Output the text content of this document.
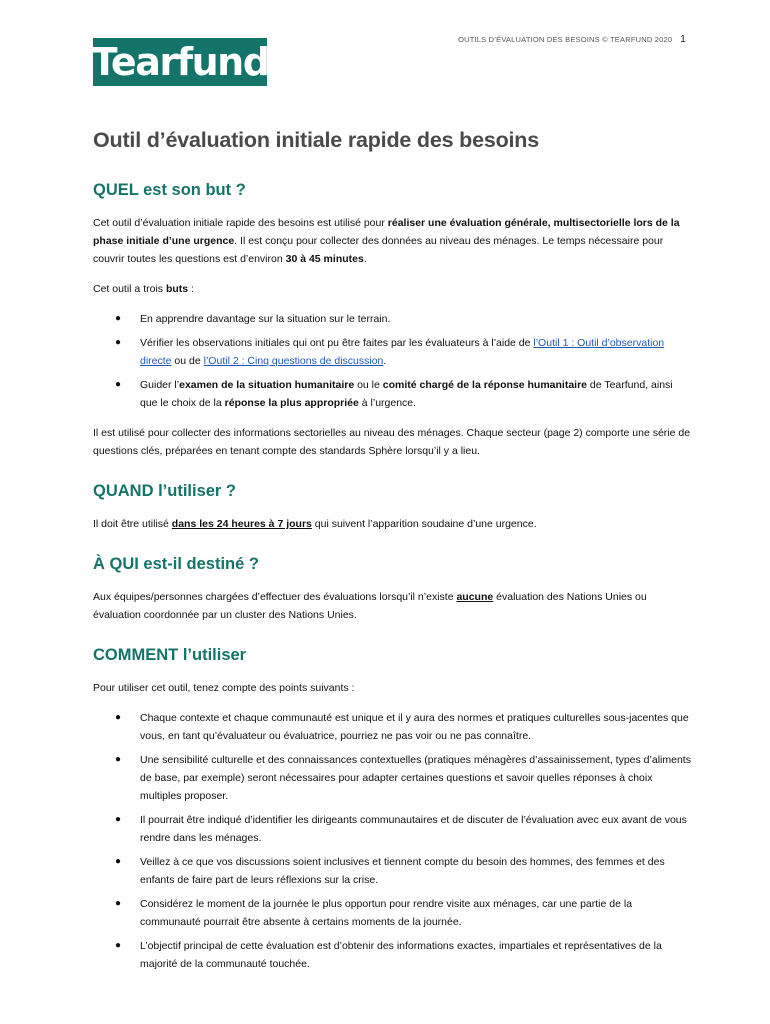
Tearfund
OUTILS D’ÉVALUATION DES BESOINS © TEARFUND 2020 1
Outil d’évaluation initiale rapide des besoins
QUEL est son but ?

Cet outil d’évaluation initiale rapide des besoins est utilisé pour réaliser une évaluation générale, multisectorielle lors de la phase initiale d’une urgence. Il est conçu pour collecter des données au niveau des ménages. Le temps nécessaire pour couvrir toutes les questions est d’environ 30 à 45 minutes.

Cet outil a trois buts :

● En apprendre davantage sur la situation sur le terrain.
● Vérifier les observations initiales qui ont pu être faites par les évaluateurs à l’aide de l’Outil 1 : Outil d’observation directe ou de l’Outil 2 : Cinq questions de discussion.
● Guider l’examen de la situation humanitaire ou le comité chargé de la réponse humanitaire de Tearfund, ainsi que le choix de la réponse la plus appropriée à l’urgence.

Il est utilisé pour collecter des informations sectorielles au niveau des ménages. Chaque secteur (page 2) comporte une série de questions clés, préparées en tenant compte des standards Sphère lorsqu’il y a lieu.

QUAND l’utiliser ?

Il doit être utilisé dans les 24 heures à 7 jours qui suivent l’apparition soudaine d’une urgence.

À QUI est-il destiné ?

Aux équipes/personnes chargées d’effectuer des évaluations lorsqu’il n’existe aucune évaluation des Nations Unies ou évaluation coordonnée par un cluster des Nations Unies.

COMMENT l’utiliser

Pour utiliser cet outil, tenez compte des points suivants :

● Chaque contexte et chaque communauté est unique et il y aura des normes et pratiques culturelles sous-jacentes que vous, en tant qu’évaluateur ou évaluatrice, pourriez ne pas voir ou ne pas connaître.
● Une sensibilité culturelle et des connaissances contextuelles (pratiques ménagères d’assainissement, types d’aliments de base, par exemple) seront nécessaires pour adapter certaines questions et savoir quelles réponses à choix multiples proposer.
● Il pourrait être indiqué d’identifier les dirigeants communautaires et de discuter de l’évaluation avec eux avant de vous rendre dans les ménages.
● Veillez à ce que vos discussions soient inclusives et tiennent compte du besoin des hommes, des femmes et des enfants de faire part de leurs réflexions sur la crise.
● Considérez le moment de la journée le plus opportun pour rendre visite aux ménages, car une partie de la communauté pourrait être absente à certains moments de la journée.
● L’objectif principal de cette évaluation est d’obtenir des informations exactes, impartiales et représentatives de la majorité de la communauté touchée.
